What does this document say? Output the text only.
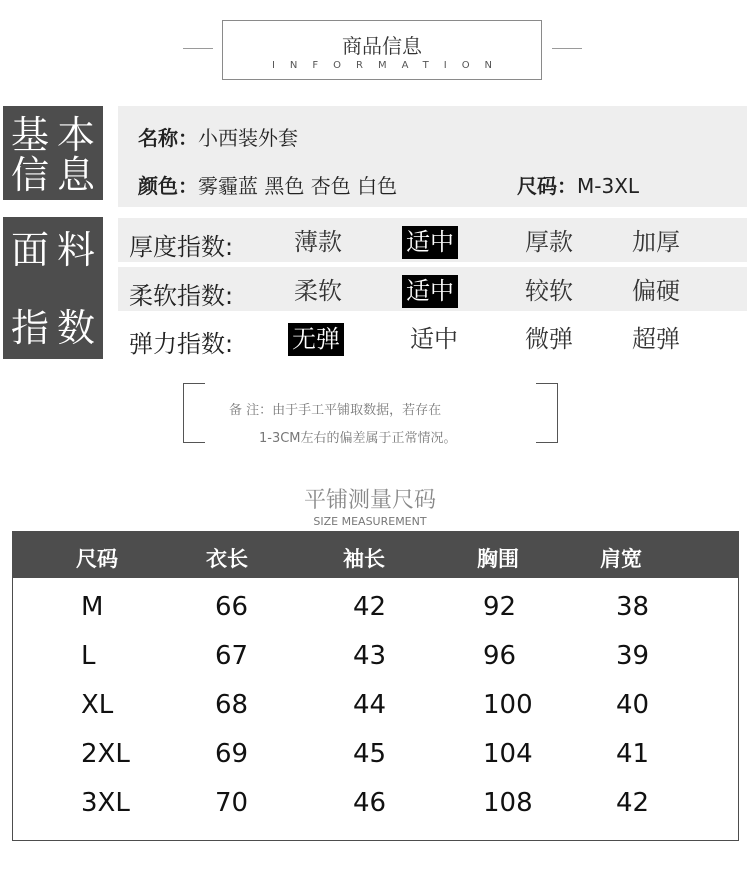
商品信息
INFORMATION
基 本
信 息
名称：小西装外套
颜色：雾霾蓝 黑色 杏色 白色	尺码：M-3XL
面 料
指 数
厚度指数:	薄款	适中	厚款 加厚
柔软指数:	柔软	适中	较软 偏硬
弹力指数: 无弹	适中	微弹 超弹
备 注：由于手工平铺取数据，若存在
1-3CM左右的偏差属于正常情况。
平铺测量尺码
SIZE MEASUREMENT
尺码	衣长	袖长	胸围	肩宽
M	66	42	92	38
L	67	43	96	39
XL	68	44	100	40
2XL	69	45	104	41
3XL	70	46	108	42
